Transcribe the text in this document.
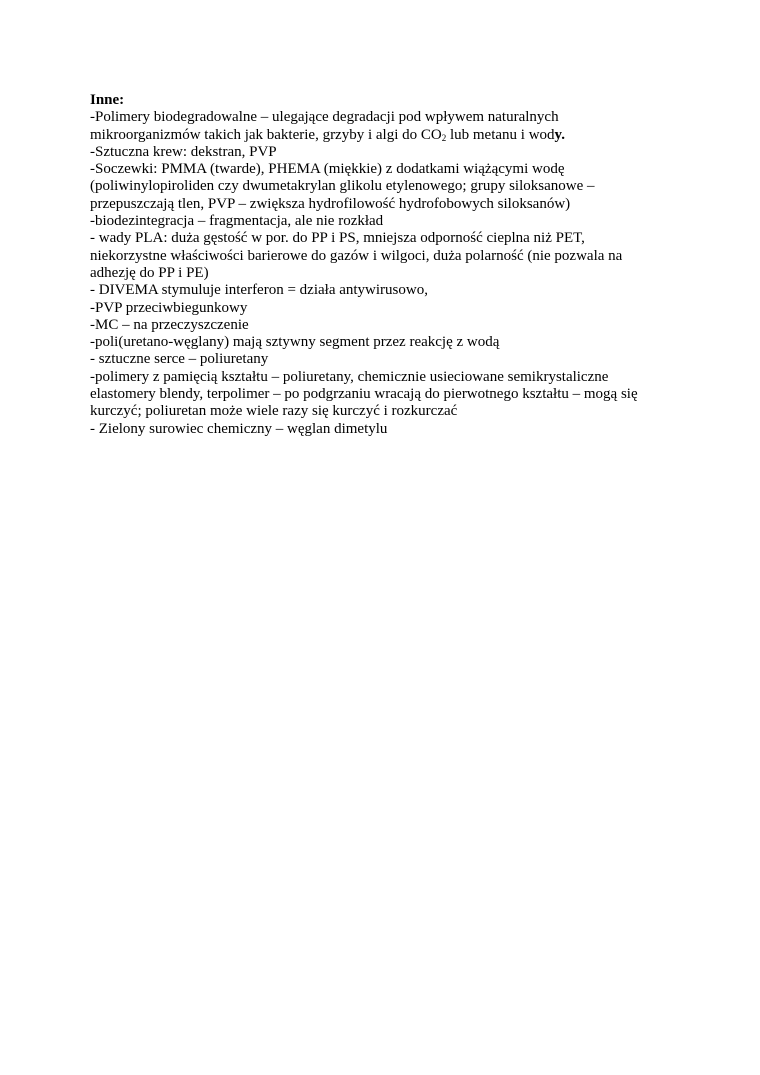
Inne:

-Polimery biodegradowalne – ulegające degradacji pod wpływem naturalnych

mikroorganizmów takich jak bakterie, grzyby i algi do $CO_2$ lub metanu i wody.

-Sztuczna krew: dekstran, PVP

-Soczewki: PMMA (twarde), PHEMA (miękkie) z dodatkami wiążącymi wodę

(poliwinylopiroliden czy dwumetakrylan glikolu etylenowego; grupy siloksanowe –

przepuszczają tlen, PVP – zwiększa hydrofilowość hydrofobowych siloksanów)

-biodezintegracja – fragmentacja, ale nie rozkład

- wady PLA: duża gęstość w por. do PP i PS, mniejsza odporność cieplna niż PET,

niekorzystne właściwości barierowe do gazów i wilgoci, duża polarność (nie pozwala na

adhezję do PP i PE)

- DIVEMA stymuluje interferon = działa antywirusowo,

-PVP przeciwbiegunkowy

-MC – na przeczyszczenie

-poli(uretano-węglany) mają sztywny segment przez reakcję z wodą

- sztuczne serce – poliuretany

-polimery z pamięcią kształtu – poliuretany, chemicznie usieciowane semikrystaliczne

elastomery blendy, terpolimer – po podgrzaniu wracają do pierwotnego kształtu – mogą się

kurczyć; poliuretan może wiele razy się kurczyć i rozkurczać

- Zielony surowiec chemiczny – węglan dimetylu
